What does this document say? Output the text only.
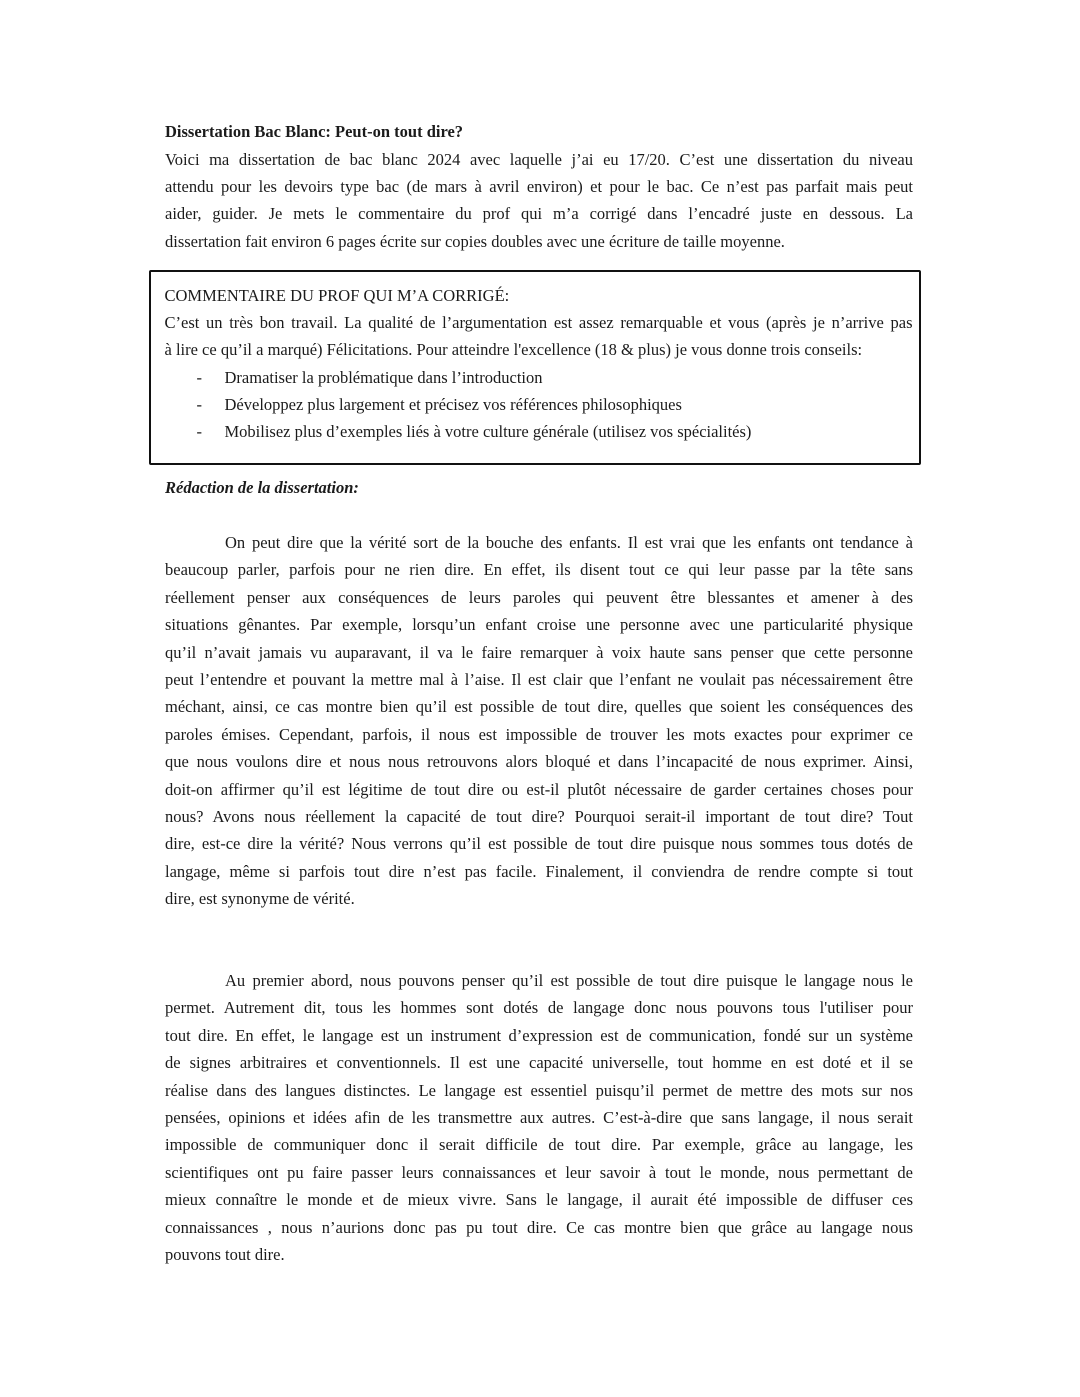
Dissertation Bac Blanc: Peut-on tout dire?
Voici ma dissertation de bac blanc 2024 avec laquelle j’ai eu 17/20. C’est une dissertation du niveau
attendu pour les devoirs type bac (de mars à avril environ) et pour le bac. Ce n’est pas parfait mais peut
aider, guider. Je mets le commentaire du prof qui m’a corrigé dans l’encadré juste en dessous. La
dissertation fait environ 6 pages écrite sur copies doubles avec une écriture de taille moyenne.
COMMENTAIRE DU PROF QUI M’A CORRIGÉ:
C’est un très bon travail. La qualité de l’argumentation est assez remarquable et vous (après je n’arrive pas
à lire ce qu’il a marqué) Félicitations. Pour atteindre l'excellence (18 & plus) je vous donne trois conseils:
- Dramatiser la problématique dans l’introduction
- Développez plus largement et précisez vos références philosophiques
- Mobilisez plus d’exemples liés à votre culture générale (utilisez vos spécialités)
Rédaction de la dissertation:
On peut dire que la vérité sort de la bouche des enfants. Il est vrai que les enfants ont tendance à
beaucoup parler, parfois pour ne rien dire. En effet, ils disent tout ce qui leur passe par la tête sans
réellement penser aux conséquences de leurs paroles qui peuvent être blessantes et amener à des
situations gênantes. Par exemple, lorsqu’un enfant croise une personne avec une particularité physique
qu’il n’avait jamais vu auparavant, il va le faire remarquer à voix haute sans penser que cette personne
peut l’entendre et pouvant la mettre mal à l’aise. Il est clair que l’enfant ne voulait pas nécessairement être
méchant, ainsi, ce cas montre bien qu’il est possible de tout dire, quelles que soient les conséquences des
paroles émises. Cependant, parfois, il nous est impossible de trouver les mots exactes pour exprimer ce
que nous voulons dire et nous nous retrouvons alors bloqué et dans l’incapacité de nous exprimer. Ainsi,
doit-on affirmer qu’il est légitime de tout dire ou est-il plutôt nécessaire de garder certaines choses pour
nous? Avons nous réellement la capacité de tout dire? Pourquoi serait-il important de tout dire? Tout
dire, est-ce dire la vérité? Nous verrons qu’il est possible de tout dire puisque nous sommes tous dotés de
langage, même si parfois tout dire n’est pas facile. Finalement, il conviendra de rendre compte si tout
dire, est synonyme de vérité.
Au premier abord, nous pouvons penser qu’il est possible de tout dire puisque le langage nous le
permet. Autrement dit, tous les hommes sont dotés de langage donc nous pouvons tous l'utiliser pour
tout dire. En effet, le langage est un instrument d’expression est de communication, fondé sur un système
de signes arbitraires et conventionnels. Il est une capacité universelle, tout homme en est doté et il se
réalise dans des langues distinctes. Le langage est essentiel puisqu’il permet de mettre des mots sur nos
pensées, opinions et idées afin de les transmettre aux autres. C’est-à-dire que sans langage, il nous serait
impossible de communiquer donc il serait difficile de tout dire. Par exemple, grâce au langage, les
scientifiques ont pu faire passer leurs connaissances et leur savoir à tout le monde, nous permettant de
mieux connaître le monde et de mieux vivre. Sans le langage, il aurait été impossible de diffuser ces
connaissances , nous n’aurions donc pas pu tout dire. Ce cas montre bien que grâce au langage nous
pouvons tout dire.
